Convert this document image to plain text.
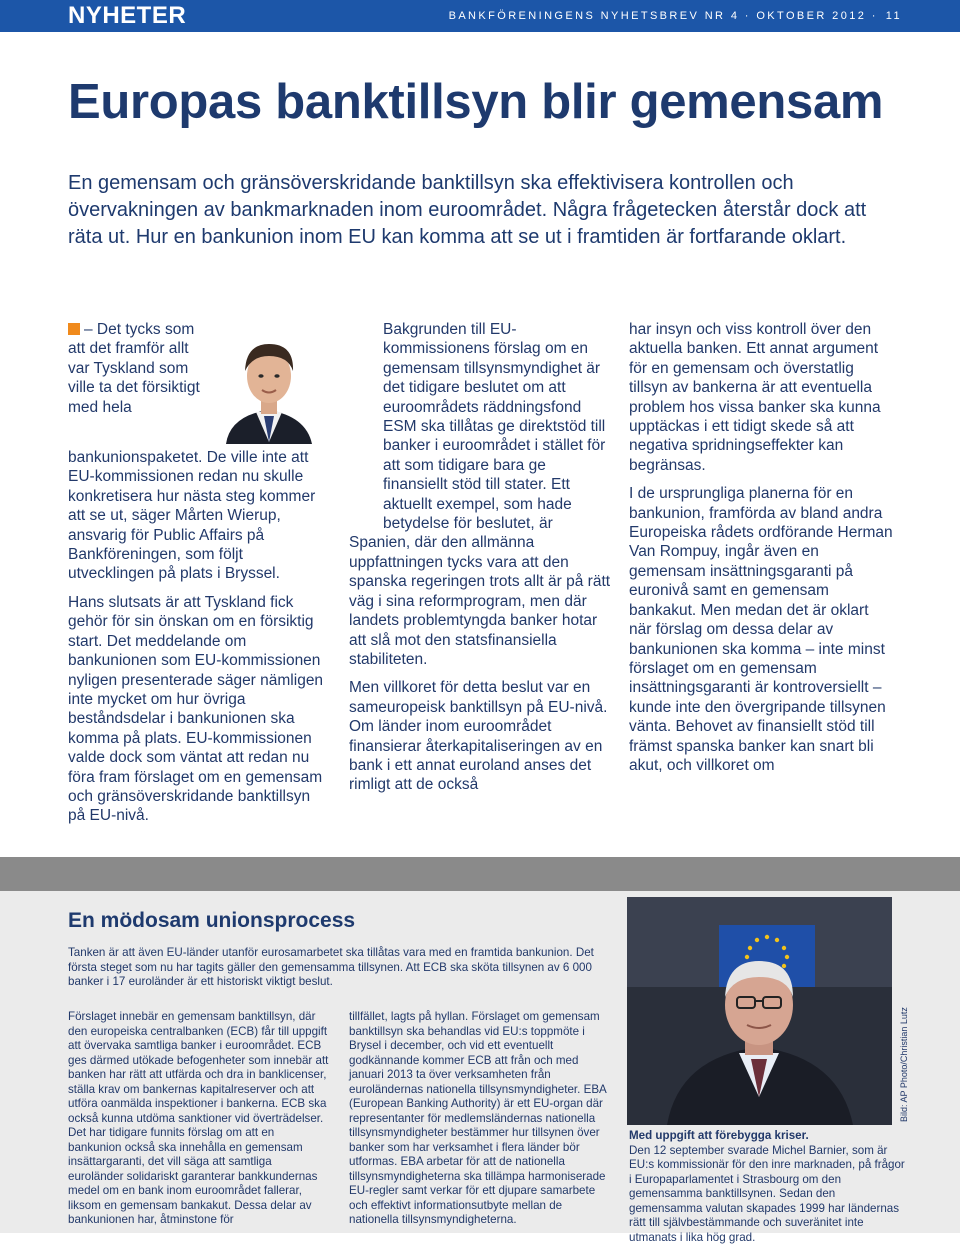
NYHETER	BANKFÖRENINGENS NYHETSBREV NR 4 · OKTOBER 2012 · 11
Europas banktillsyn blir gemensam

En gemensam och gränsöverskridande banktillsyn ska effektivisera kontrollen och övervakningen av bankmarknaden inom euroområdet. Några frågetecken återstår dock att räta ut. Hur en bankunion inom EU kan komma att se ut i framtiden är fortfarande oklart.

– Det tycks som att det framför allt var Tyskland som ville ta det försiktigt med hela bankunionspaketet. De ville inte att EU-kommissionen redan nu skulle konkretisera hur nästa steg kommer att se ut, säger Mårten Wierup, ansvarig för Public Affairs på Bankföreningen, som följt utvecklingen på plats i Bryssel.

Hans slutsats är att Tyskland fick gehör för sin önskan om en försiktig start. Det meddelande om bankunionen som EU-kommissionen nyligen presenterade säger nämligen inte mycket om hur övriga beståndsdelar i bankunionen ska komma på plats. EU-kommissionen valde dock som väntat att redan nu föra fram förslaget om en gemensam och gränsöverskridande banktillsyn på EU-nivå.

Bakgrunden till EU-kommissionens förslag om en gemensam tillsynsmyndighet är det tidigare beslutet om att euroområdets räddningsfond ESM ska tillåtas ge direktstöd till banker i euroområdet i stället för att som tidigare bara ge finansiellt stöd till stater. Ett aktuellt exempel, som hade betydelse för beslutet, är Spanien, där den allmänna uppfattningen tycks vara att den spanska regeringen trots allt är på rätt väg i sina reformprogram, men där landets problemtyngda banker hotar att slå mot den statsfinansiella stabiliteten.

Men villkoret för detta beslut var en sameuropeisk banktillsyn på EU-nivå. Om länder inom euroområdet finansierar återkapitaliseringen av en bank i ett annat euroland anses det rimligt att de också

har insyn och viss kontroll över den aktuella banken. Ett annat argument för en gemensam och överstatlig tillsyn av bankerna är att eventuella problem hos vissa banker ska kunna upptäckas i ett tidigt skede så att negativa spridningseffekter kan begränsas.

I de ursprungliga planerna för en bankunion, framförda av bland andra Europeiska rådets ordförande Herman Van Rompuy, ingår även en gemensam insättningsgaranti på euronivå samt en gemensam bankakut. Men medan det är oklart när förslag om dessa delar av bankunionen ska komma – inte minst förslaget om en gemensam insättningsgaranti är kontroversiellt – kunde inte den övergripande tillsynen vänta. Behovet av finansiellt stöd till främst spanska banker kan snart bli akut, och villkoret om

En mödosam unionsprocess

Tanken är att även EU-länder utanför eurosamarbetet ska tillåtas vara med en framtida bankunion. Det första steget som nu har tagits gäller den gemensamma tillsynen. Att ECB ska sköta tillsynen av 6 000 banker i 17 euroländer är ett historiskt viktigt beslut.

Förslaget innebär en gemensam banktillsyn, där den europeiska centralbanken (ECB) får till uppgift att övervaka samtliga banker i euroområdet. ECB ges därmed utökade befogenheter som innebär att banken har rätt att utfärda och dra in banklicenser, ställa krav om bankernas kapitalreserver och att utföra oanmälda inspektioner i bankerna. ECB ska också kunna utdöma sanktioner vid överträdelser. Det har tidigare funnits förslag om att en bankunion också ska innehålla en gemensam insättargaranti, det vill säga att samtliga euroländer solidariskt garanterar bankkundernas medel om en bank inom euroområdet fallerar, liksom en gemensam bankakut. Dessa delar av bankunionen har, åtminstone för

tillfället, lagts på hyllan. Förslaget om gemensam banktillsyn ska behandlas vid EU:s toppmöte i Brysel i december, och vid ett eventuellt godkännande kommer ECB att från och med januari 2013 ta över verksamheten från euroländernas nationella tillsynsmyndigheter. EBA (European Banking Authority) är ett EU-organ där representanter för medlemsländernas nationella tillsynsmyndigheter bestämmer hur tillsynen över banker som har verksamhet i flera länder bör utformas. EBA arbetar för att de nationella tillsynsmyndigheterna ska tillämpa harmoniserade EU-regler samt verkar för ett djupare samarbete och effektivt informationsutbyte mellan de nationella tillsynsmyndigheterna.

Bild: AP Photo/Christian Lutz
Med uppgift att förebygga kriser.
Den 12 september svarade Michel Barnier, som är EU:s kommissionär för den inre marknaden, på frågor i Europaparlamentet i Strasbourg om den gemensamma banktillsynen. Sedan den gemensamma valutan skapades 1999 har ländernas rätt till självbestämmande och suveränitet inte utmanats i lika hög grad.
